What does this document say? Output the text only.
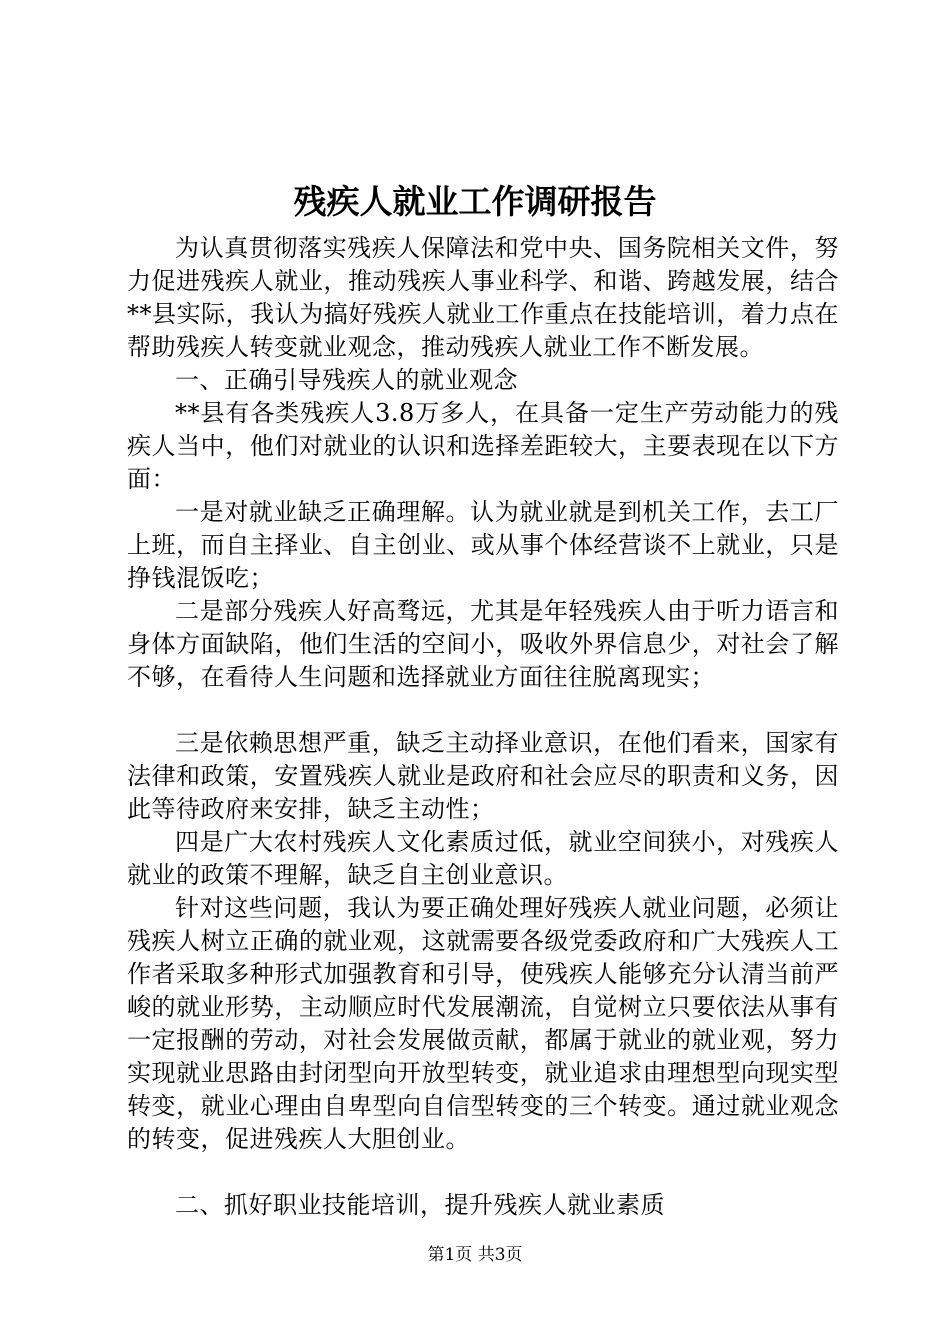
残疾人就业工作调研报告

为认真贯彻落实残疾人保障法和党中央、国务院相关文件，努力促进残疾人就业，推动残疾人事业科学、和谐、跨越发展，结合**县实际，我认为搞好残疾人就业工作重点在技能培训，着力点在帮助残疾人转变就业观念，推动残疾人就业工作不断发展。

一、正确引导残疾人的就业观念

**县有各类残疾人3.8万多人，在具备一定生产劳动能力的残疾人当中，他们对就业的认识和选择差距较大，主要表现在以下方面：

一是对就业缺乏正确理解。认为就业就是到机关工作，去工厂上班，而自主择业、自主创业、或从事个体经营谈不上就业，只是挣钱混饭吃；

二是部分残疾人好高骛远，尤其是年轻残疾人由于听力语言和身体方面缺陷，他们生活的空间小，吸收外界信息少，对社会了解不够，在看待人生问题和选择就业方面往往脱离现实；

三是依赖思想严重，缺乏主动择业意识，在他们看来，国家有法律和政策，安置残疾人就业是政府和社会应尽的职责和义务，因此等待政府来安排，缺乏主动性；

四是广大农村残疾人文化素质过低，就业空间狭小，对残疾人就业的政策不理解，缺乏自主创业意识。

针对这些问题，我认为要正确处理好残疾人就业问题，必须让残疾人树立正确的就业观，这就需要各级党委政府和广大残疾人工作者采取多种形式加强教育和引导，使残疾人能够充分认清当前严峻的就业形势，主动顺应时代发展潮流，自觉树立只要依法从事有一定报酬的劳动，对社会发展做贡献，都属于就业的就业观，努力实现就业思路由封闭型向开放型转变，就业追求由理想型向现实型转变，就业心理由自卑型向自信型转变的三个转变。通过就业观念的转变，促进残疾人大胆创业。

二、抓好职业技能培训，提升残疾人就业素质

第1页 共3页
